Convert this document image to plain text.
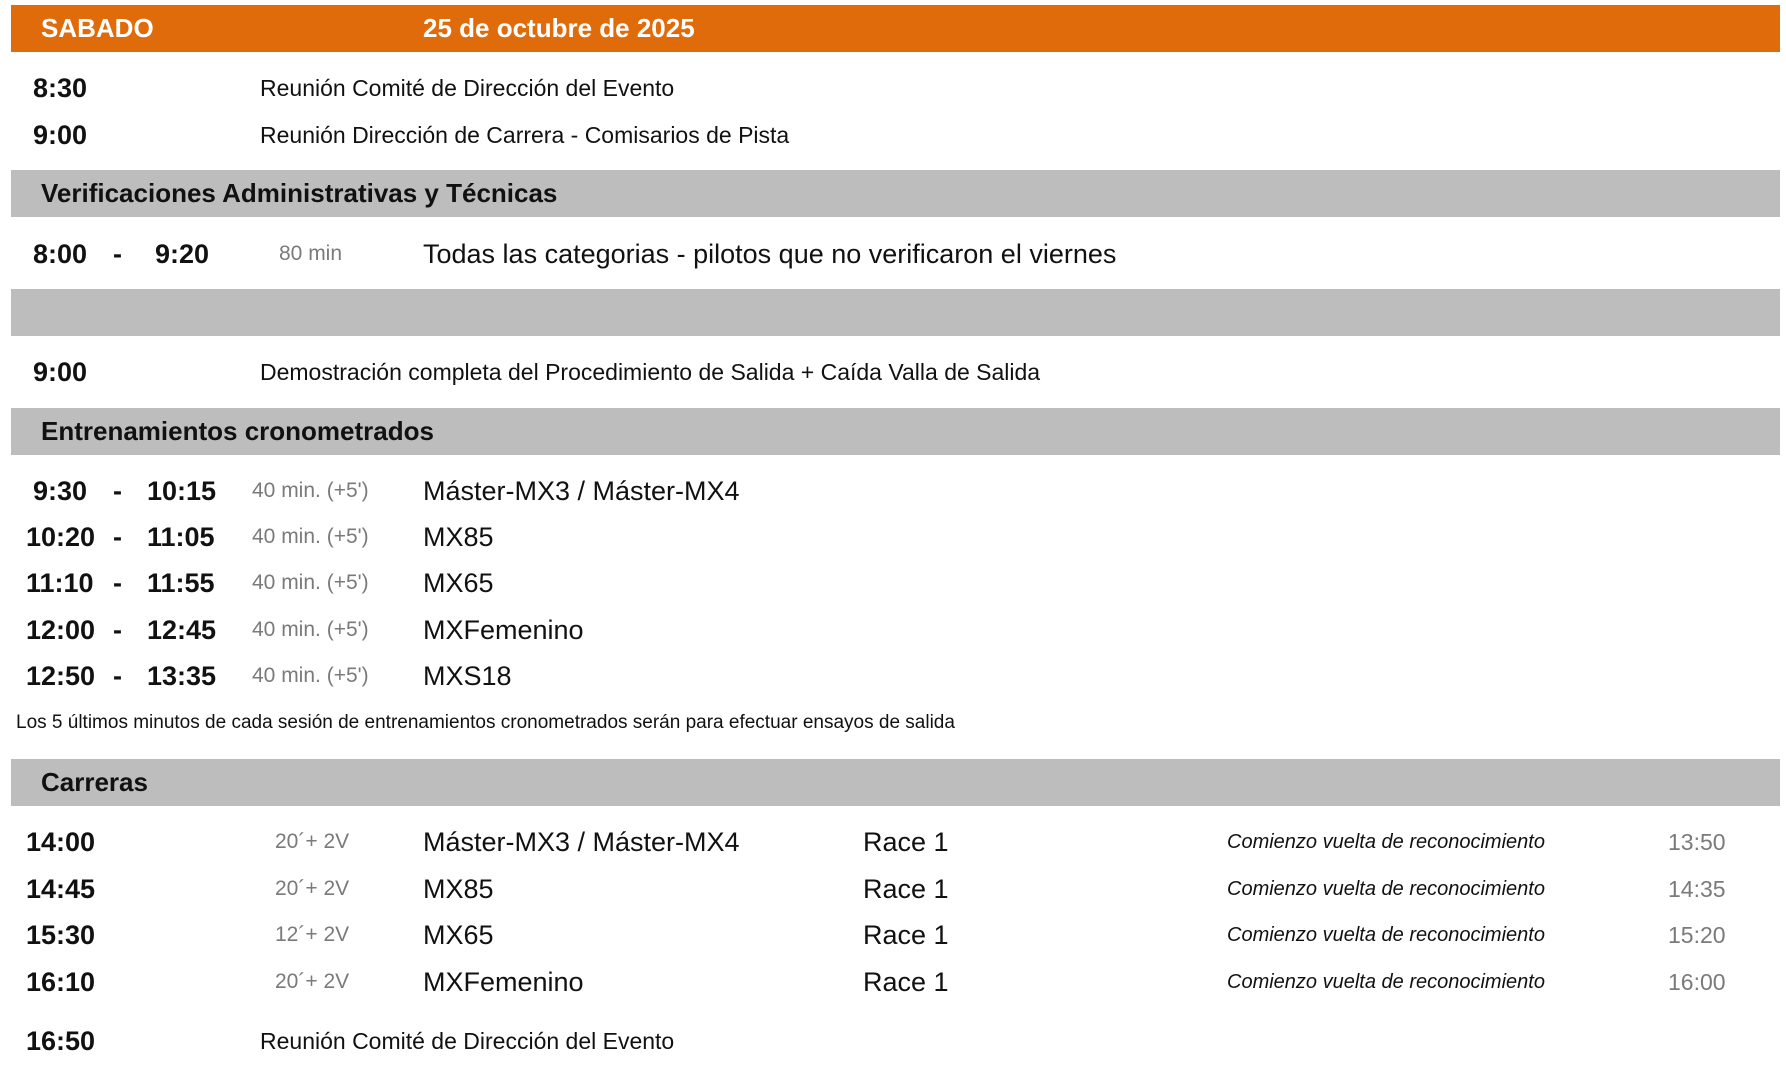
SABADO	25 de octubre de 2025
8:30	Reunión Comité de Dirección del Evento
9:00	Reunión Dirección de Carrera - Comisarios de Pista
Verificaciones Administrativas y Técnicas
8:00 - 9:20	80 min	Todas las categorias - pilotos que no verificaron el viernes
9:00	Demostración completa del Procedimiento de Salida + Caída Valla de Salida
Entrenamientos cronometrados
9:30 - 10:15 40 min. (+5') Máster-MX3 / Máster-MX4
10:20 - 11:05 40 min. (+5') MX85
11:10 - 11:55 40 min. (+5') MX65
12:00 - 12:45 40 min. (+5') MXFemenino
12:50 - 13:35 40 min. (+5') MXS18
Los 5 últimos minutos de cada sesión de entrenamientos cronometrados serán para efectuar ensayos de salida
Carreras
14:00	20´+ 2V	Máster-MX3 / Máster-MX4	Race 1	Comienzo vuelta de reconocimiento	13:50
14:45	20´+ 2V	MX85	Race 1	Comienzo vuelta de reconocimiento	14:35
15:30	12´+ 2V	MX65	Race 1	Comienzo vuelta de reconocimiento	15:20
16:10	20´+ 2V	MXFemenino	Race 1	Comienzo vuelta de reconocimiento	16:00
16:50	Reunión Comité de Dirección del Evento
